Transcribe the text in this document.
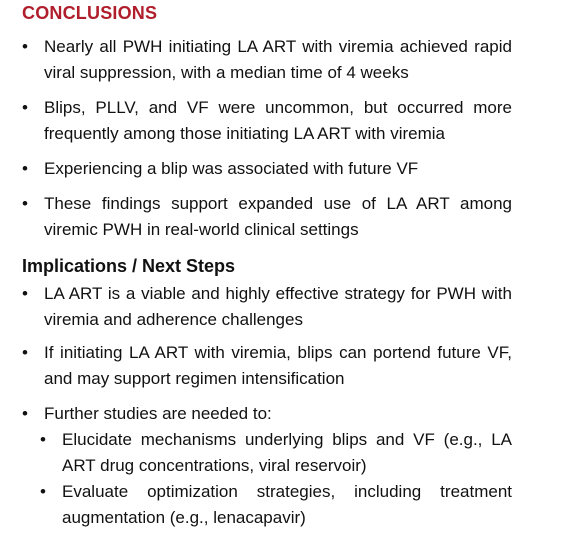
CONCLUSIONS
• Nearly all PWH initiating LA ART with viremia achieved rapid viral suppression, with a median time of 4 weeks
• Blips, PLLV, and VF were uncommon, but occurred more frequently among those initiating LA ART with viremia
• Experiencing a blip was associated with future VF
• These findings support expanded use of LA ART among viremic PWH in real-world clinical settings
Implications / Next Steps
• LA ART is a viable and highly effective strategy for PWH with viremia and adherence challenges
• If initiating LA ART with viremia, blips can portend future VF, and may support regimen intensification
• Further studies are needed to:
• Elucidate mechanisms underlying blips and VF (e.g., LA ART drug concentrations, viral reservoir)
• Evaluate optimization strategies, including treatment augmentation (e.g., lenacapavir)
